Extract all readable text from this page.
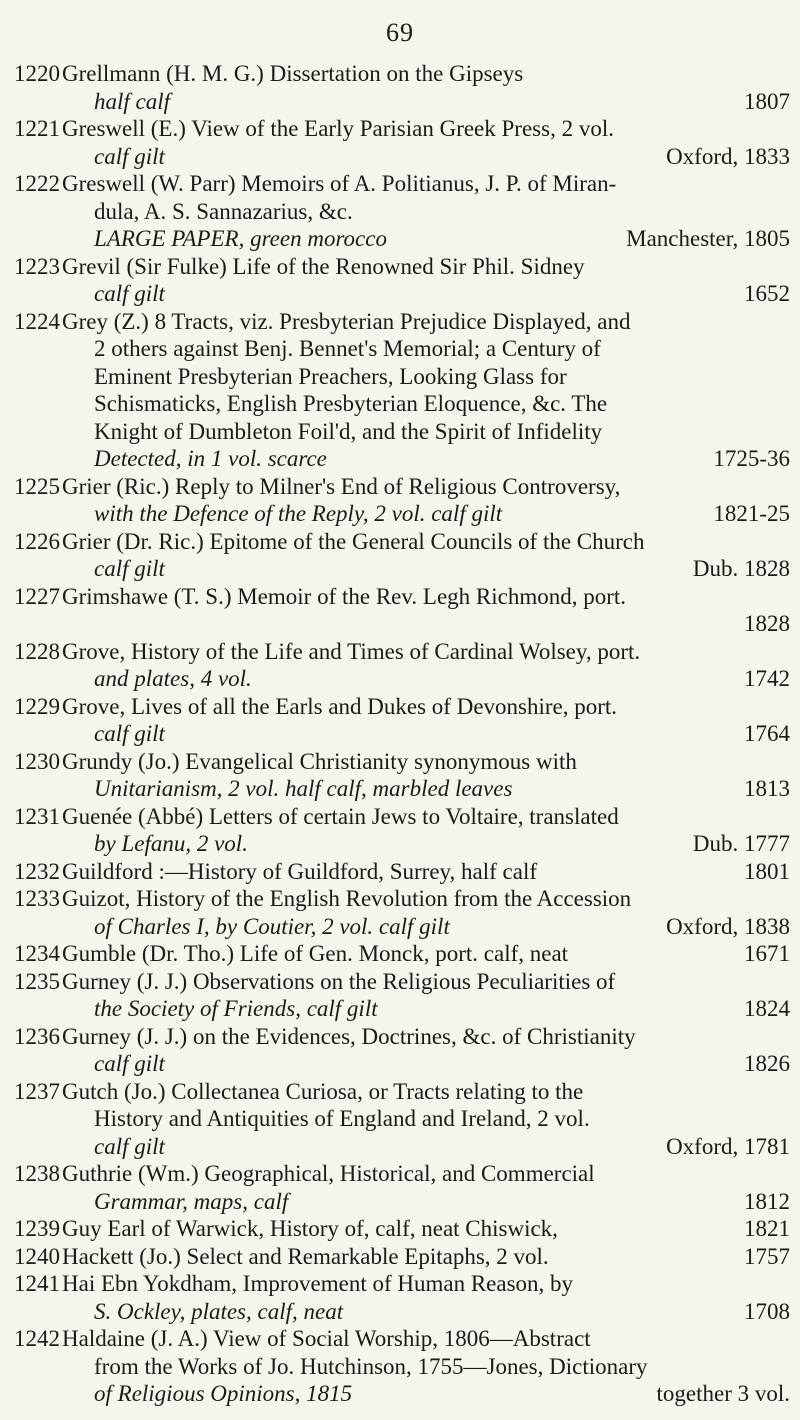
69
1220 Grellmann (H. M. G.) Dissertation on the Gipseys
half calf	1807
1221 Greswell (E.) View of the Early Parisian Greek Press, 2 vol.
calf gilt	Oxford, 1833
1222 Greswell (W. Parr) Memoirs of A. Politianus, J. P. of Miran-
dula, A. S. Sannazarius, &c.
LARGE PAPER, green morocco	Manchester, 1805
1223 Grevil (Sir Fulke) Life of the Renowned Sir Phil. Sidney
calf gilt	1652
1224 Grey (Z.) 8 Tracts, viz. Presbyterian Prejudice Displayed, and
2 others against Benj. Bennet's Memorial; a Century of
Eminent Presbyterian Preachers, Looking Glass for
Schismaticks, English Presbyterian Eloquence, &c. The
Knight of Dumbleton Foil'd, and the Spirit of Infidelity
Detected, in 1 vol. scarce	1725-36
1225 Grier (Ric.) Reply to Milner's End of Religious Controversy,
with the Defence of the Reply, 2 vol. calf gilt	1821-25
1226 Grier (Dr. Ric.) Epitome of the General Councils of the Church
calf gilt	Dub. 1828
1227 Grimshawe (T. S.) Memoir of the Rev. Legh Richmond, port.
1828
1228 Grove, History of the Life and Times of Cardinal Wolsey, port.
and plates, 4 vol.	1742
1229 Grove, Lives of all the Earls and Dukes of Devonshire, port.
calf gilt	1764
1230 Grundy (Jo.) Evangelical Christianity synonymous with
Unitarianism, 2 vol. half calf, marbled leaves	1813
1231 Guenée (Abbé) Letters of certain Jews to Voltaire, translated
by Lefanu, 2 vol.	Dub. 1777
1232 Guildford :—History of Guildford, Surrey, half calf	1801
1233 Guizot, History of the English Revolution from the Accession
of Charles I, by Coutier, 2 vol. calf gilt	Oxford, 1838
1234 Gumble (Dr. Tho.) Life of Gen. Monck, port. calf, neat	1671
1235 Gurney (J. J.) Observations on the Religious Peculiarities of
the Society of Friends, calf gilt	1824
1236 Gurney (J. J.) on the Evidences, Doctrines, &c. of Christianity
calf gilt	1826
1237 Gutch (Jo.) Collectanea Curiosa, or Tracts relating to the
History and Antiquities of England and Ireland, 2 vol.
calf gilt	Oxford, 1781
1238 Guthrie (Wm.) Geographical, Historical, and Commercial
Grammar, maps, calf	1812
1239 Guy Earl of Warwick, History of, calf, neat Chiswick,	1821
1240 Hackett (Jo.) Select and Remarkable Epitaphs, 2 vol.	1757
1241 Hai Ebn Yokdham, Improvement of Human Reason, by
S. Ockley, plates, calf, neat	1708
1242 Haldaine (J. A.) View of Social Worship, 1806—Abstract
from the Works of Jo. Hutchinson, 1755—Jones, Dictionary
of Religious Opinions, 1815	together 3 vol.
